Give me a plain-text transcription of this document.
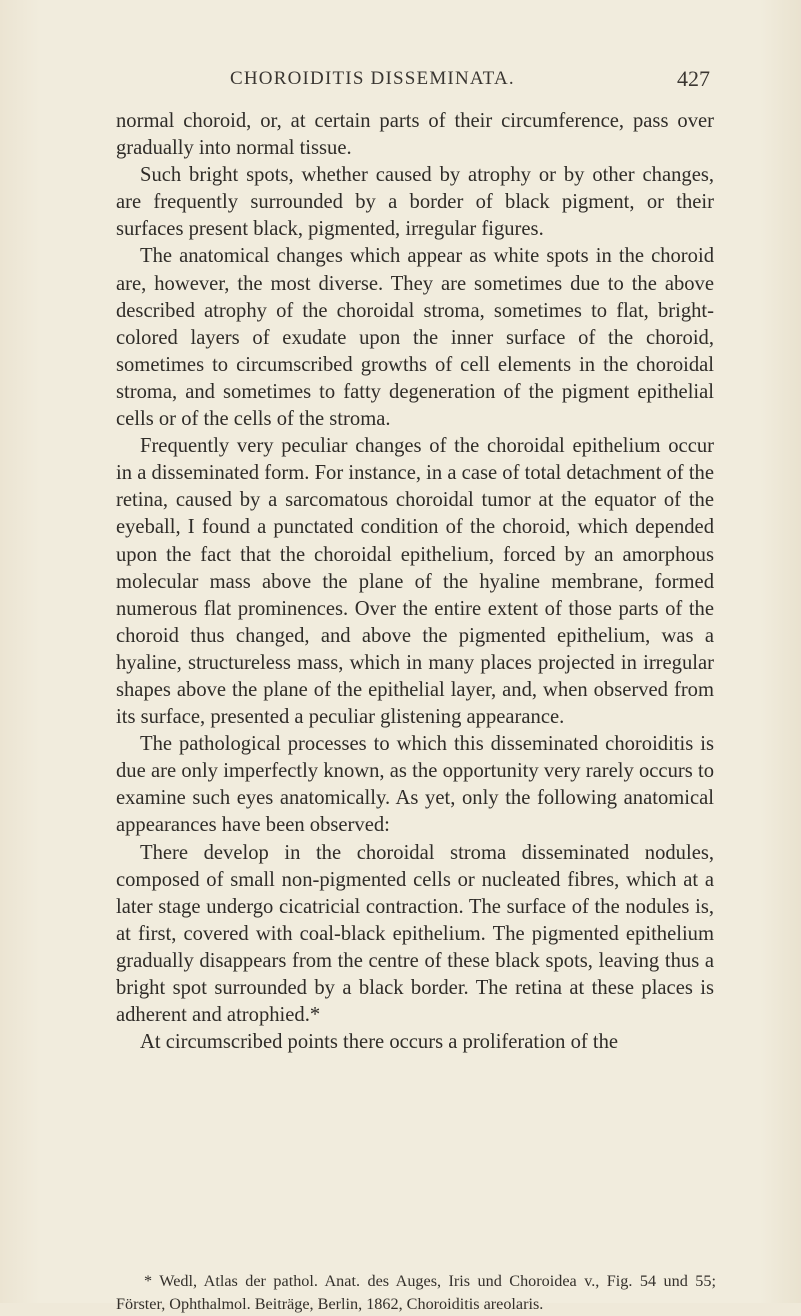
CHOROIDITIS DISSEMINATA.	427

normal choroid, or, at certain parts of their circumference, pass over gradually into normal tissue.

Such bright spots, whether caused by atrophy or by other changes, are frequently surrounded by a border of black pigment, or their surfaces present black, pigmented, irregular figures.

The anatomical changes which appear as white spots in the choroid are, however, the most diverse. They are sometimes due to the above described atrophy of the choroidal stroma, sometimes to flat, bright-colored layers of exudate upon the inner surface of the choroid, sometimes to circumscribed growths of cell elements in the choroidal stroma, and sometimes to fatty degeneration of the pigment epithelial cells or of the cells of the stroma.

Frequently very peculiar changes of the choroidal epithelium occur in a disseminated form. For instance, in a case of total detachment of the retina, caused by a sarcomatous choroidal tumor at the equator of the eyeball, I found a punctated condition of the choroid, which depended upon the fact that the choroidal epithelium, forced by an amorphous molecular mass above the plane of the hyaline membrane, formed numerous flat prominences. Over the entire extent of those parts of the choroid thus changed, and above the pigmented epithelium, was a hyaline, structureless mass, which in many places projected in irregular shapes above the plane of the epithelial layer, and, when observed from its surface, presented a peculiar glistening appearance.

The pathological processes to which this disseminated choroiditis is due are only imperfectly known, as the opportunity very rarely occurs to examine such eyes anatomically. As yet, only the following anatomical appearances have been observed:

There develop in the choroidal stroma disseminated nodules, composed of small non-pigmented cells or nucleated fibres, which at a later stage undergo cicatricial contraction. The surface of the nodules is, at first, covered with coal-black epithelium. The pigmented epithelium gradually disappears from the centre of these black spots, leaving thus a bright spot surrounded by a black border. The retina at these places is adherent and atrophied.*

At circumscribed points there occurs a proliferation of the

* Wedl, Atlas der pathol. Anat. des Auges, Iris und Choroidea v., Fig. 54 und 55; Förster, Ophthalmol. Beiträge, Berlin, 1862, Choroiditis areolaris.
